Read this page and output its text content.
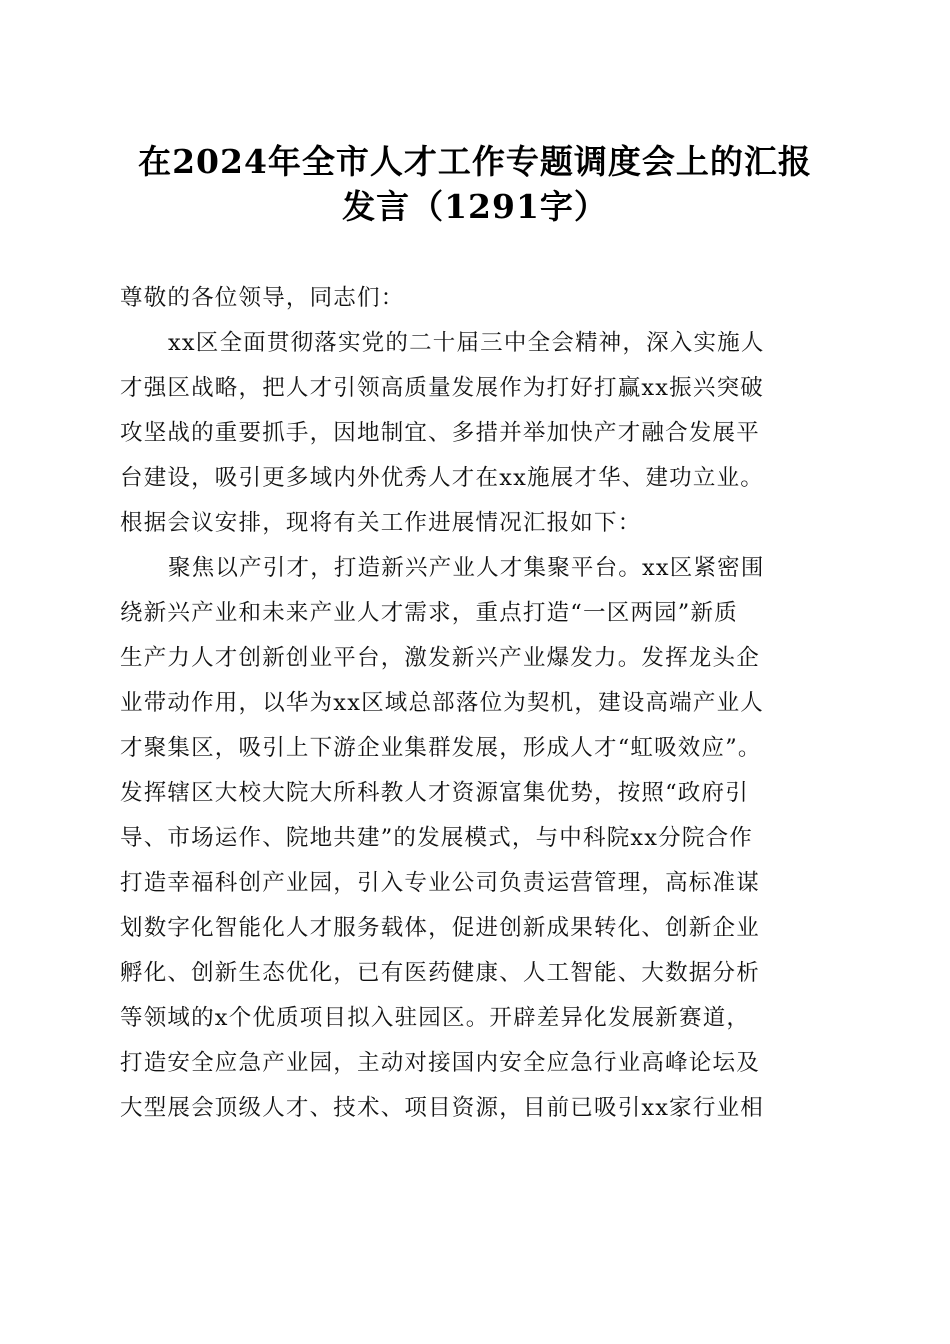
在2024年全市人才工作专题调度会上的汇报
发言（1291字）
尊敬的各位领导，同志们：
xx区全面贯彻落实党的二十届三中全会精神，深入实施人
才强区战略，把人才引领高质量发展作为打好打赢xx振兴突破
攻坚战的重要抓手，因地制宜、多措并举加快产才融合发展平
台建设，吸引更多域内外优秀人才在xx施展才华、建功立业。
根据会议安排，现将有关工作进展情况汇报如下：
聚焦以产引才，打造新兴产业人才集聚平台。xx区紧密围
绕新兴产业和未来产业人才需求，重点打造“一区两园”新质
生产力人才创新创业平台，激发新兴产业爆发力。发挥龙头企
业带动作用，以华为xx区域总部落位为契机，建设高端产业人
才聚集区，吸引上下游企业集群发展，形成人才“虹吸效应”。
发挥辖区大校大院大所科教人才资源富集优势，按照“政府引
导、市场运作、院地共建”的发展模式，与中科院xx分院合作
打造幸福科创产业园，引入专业公司负责运营管理，高标准谋
划数字化智能化人才服务载体，促进创新成果转化、创新企业
孵化、创新生态优化，已有医药健康、人工智能、大数据分析
等领域的x个优质项目拟入驻园区。开辟差异化发展新赛道，
打造安全应急产业园，主动对接国内安全应急行业高峰论坛及
大型展会顶级人才、技术、项目资源，目前已吸引xx家行业相
